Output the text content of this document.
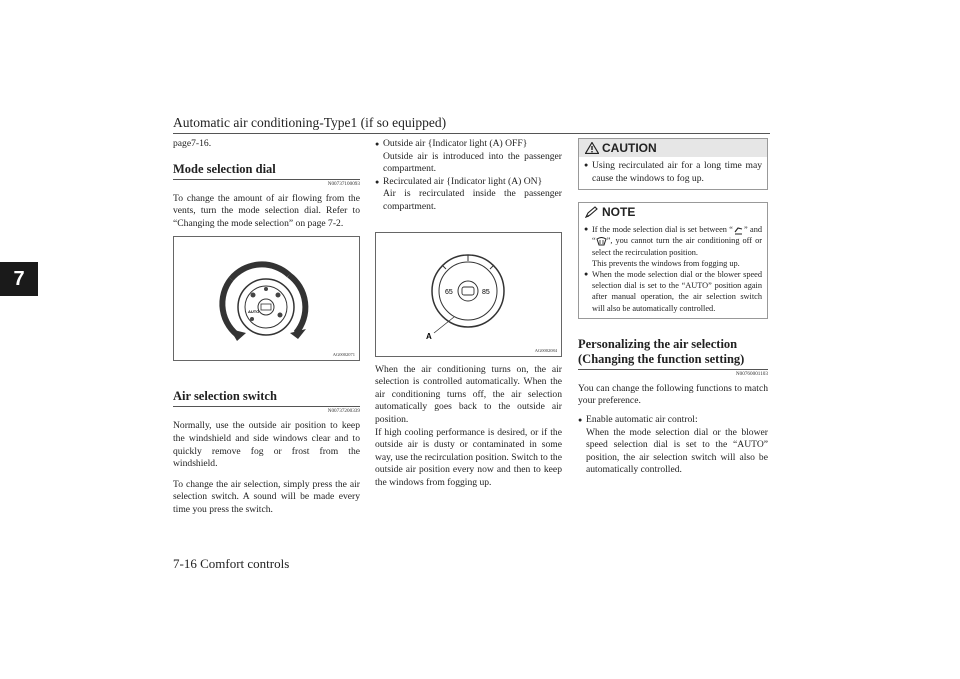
Automatic air conditioning-Type1 (if so equipped)
7
7-16 Comfort controls

page7-16.

Mode selection dial
N00737100093

To change the amount of air flowing from the vents, turn the mode selection dial. Refer to “Changing the mode selection” on page 7-2.

AUTO
AG0002071
Air selection switch
N00737200339

Normally, use the outside air position to keep the windshield and side windows clear and to quickly remove fog or frost from the windshield.

To change the air selection, simply press the air selection switch. A sound will be made every time you press the switch.

● Outside air {Indicator light (A) OFF}

Outside air is introduced into the passenger compartment.

● Recirculated air {Indicator light (A) ON}

Air is recirculated inside the passenger compartment.

65	85
A
AG0002084

When the air conditioning turns on, the air selection is controlled automatically. When the air conditioning turns off, the air selection automatically goes back to the outside air position.

If high cooling performance is desired, or if the outside air is dusty or contaminated in some way, use the recirculation position. Switch to the outside air position every now and then to keep the windows from fogging up.

CAUTION
● Using recirculated air for a long time may cause the windows to fog up.

NOTE
● If the mode selection dial is set between “ ” and “ ”, you cannot turn the air conditioning off or select the recirculation position.
This prevents the windows from fogging up.
● When the mode selection dial or the blower speed selection dial is set to the “AUTO” position again after manual operation, the air selection switch will also be automatically controlled.

Personalizing the air selection (Changing the function setting)
N00760001103

You can change the following functions to match your preference.

● Enable automatic air control:

When the mode selection dial or the blower speed selection dial is set to the “AUTO” position, the air selection switch will also be automatically controlled.
